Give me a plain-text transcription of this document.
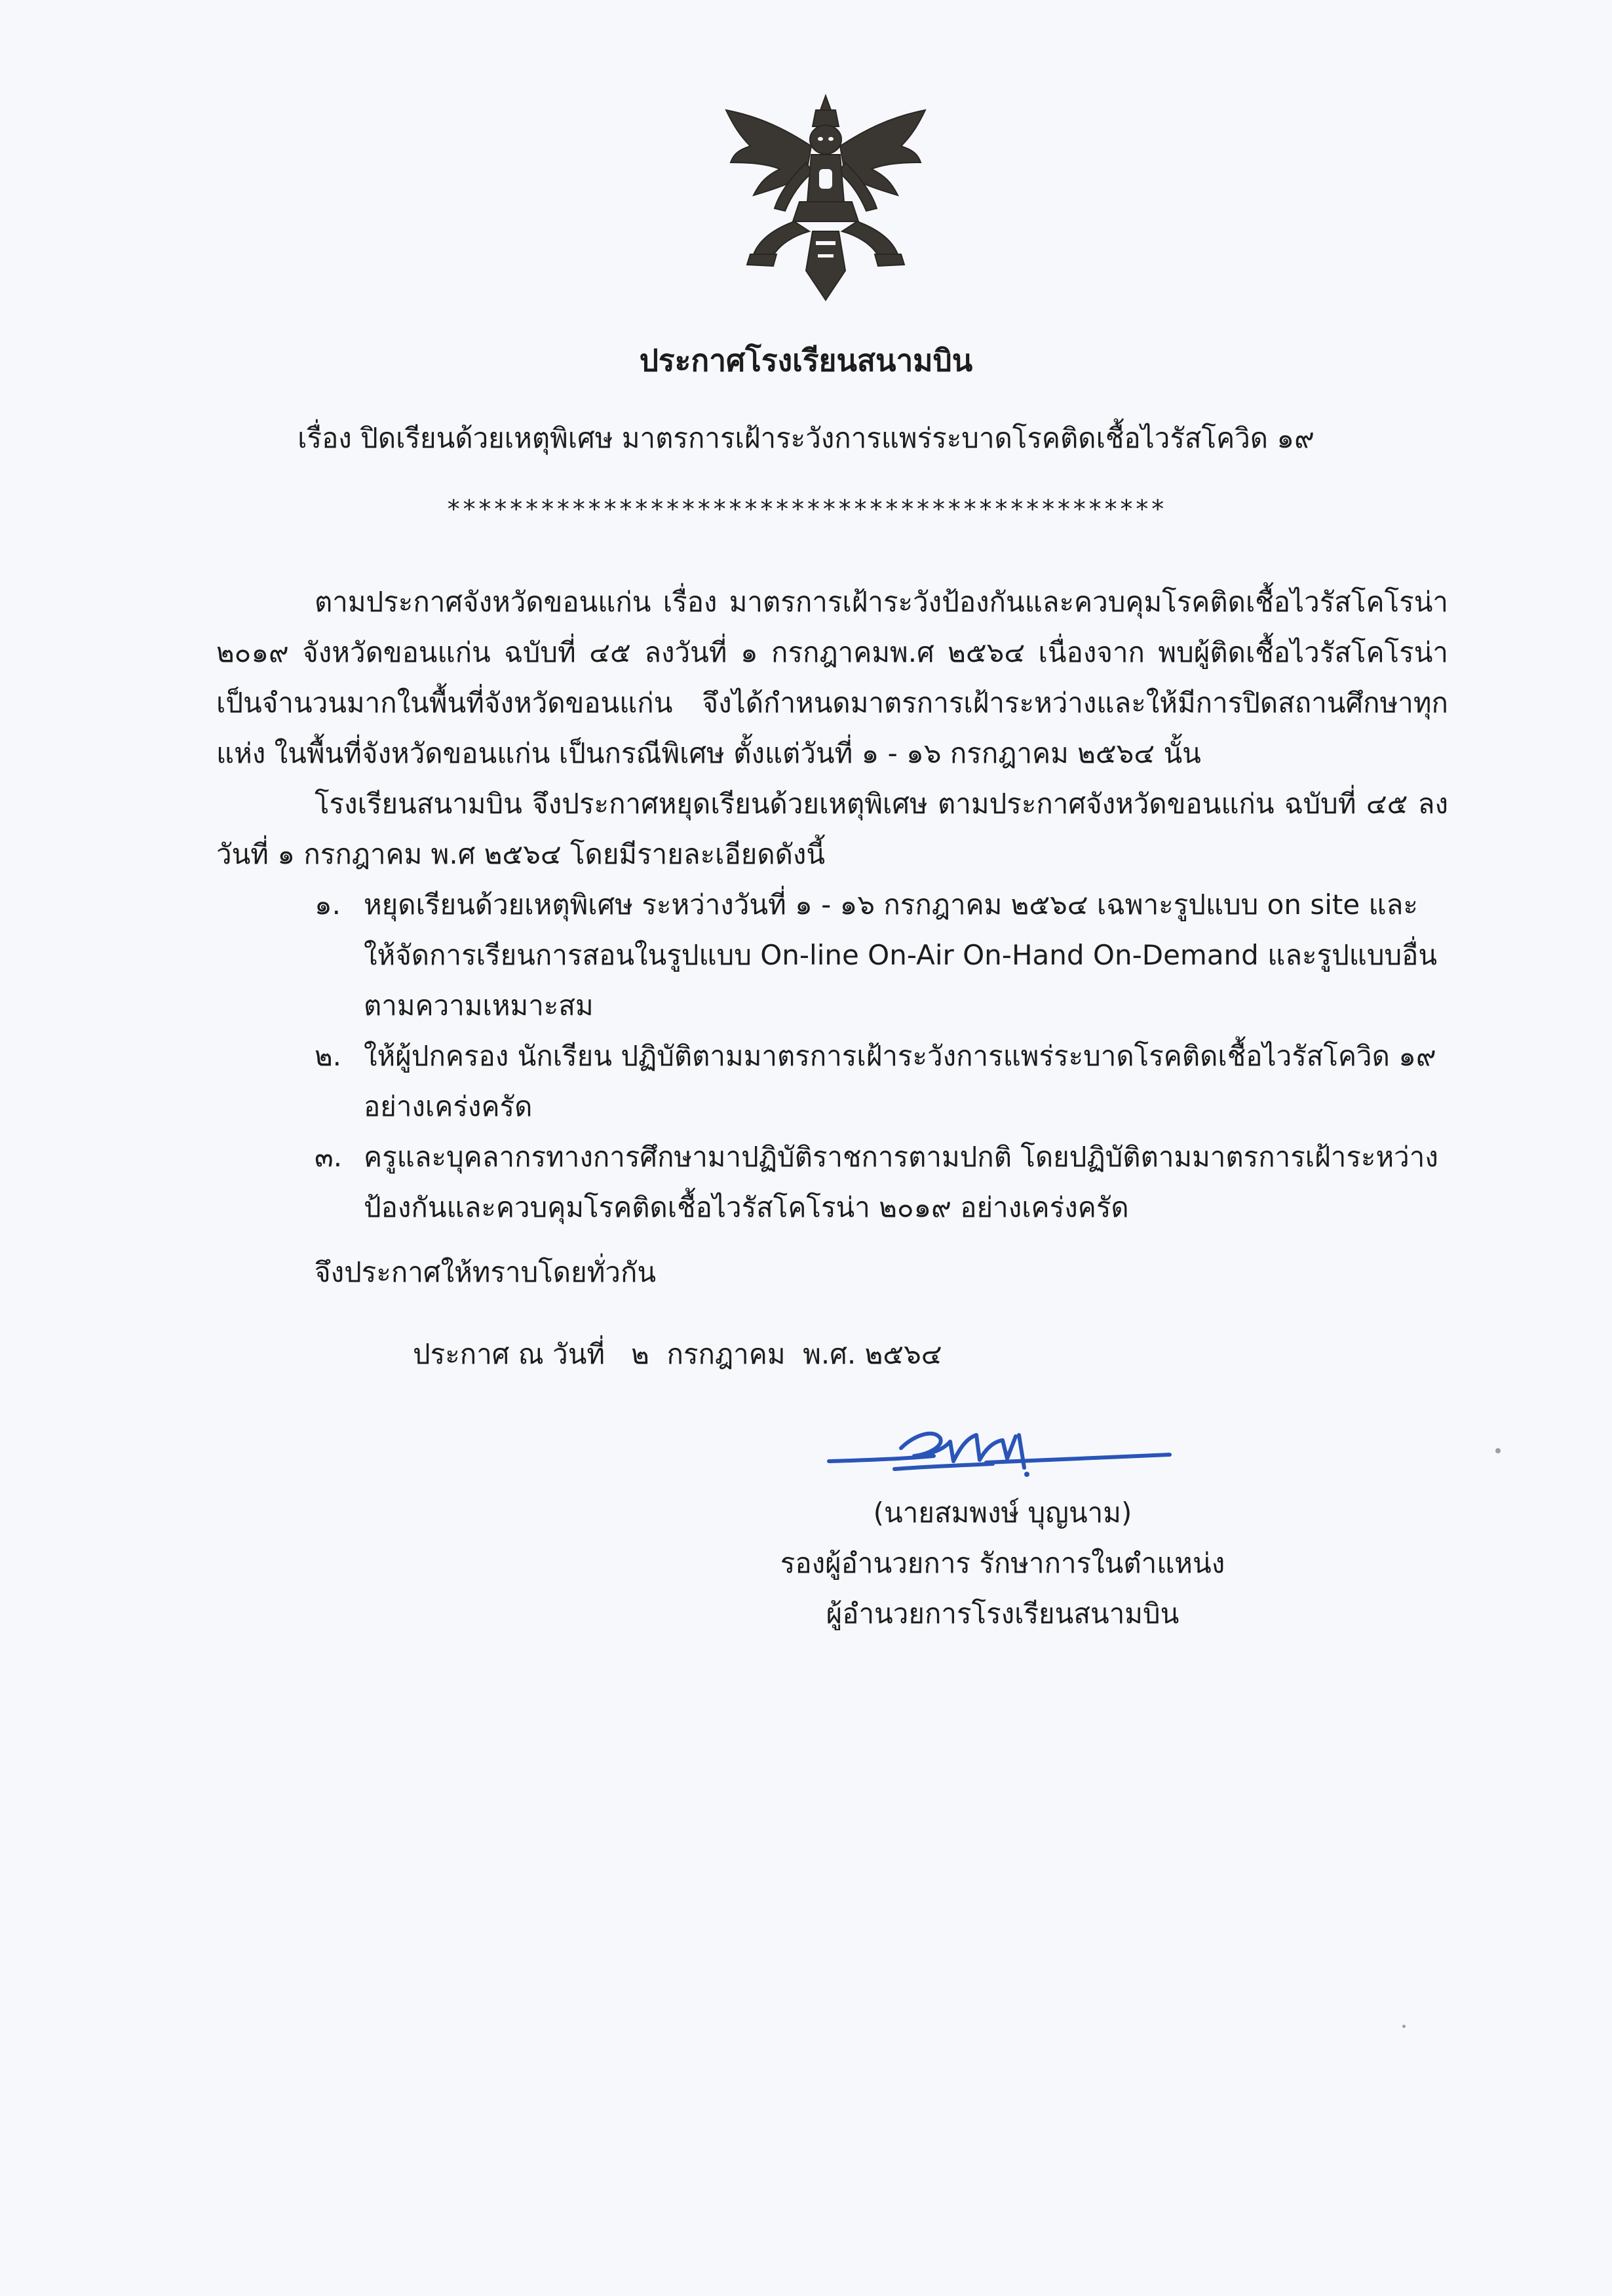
ประกาศโรงเรียนสนามบิน
เรื่อง ปิดเรียนด้วยเหตุพิเศษ มาตรการเฝ้าระวังการแพร่ระบาดโรคติดเชื้อไวรัสโควิด ๑๙
**********************************************

ตามประกาศจังหวัดขอนแก่น เรื่อง มาตรการเฝ้าระวังป้องกันและควบคุมโรคติดเชื้อไวรัสโคโรน่า ๒๐๑๙ จังหวัดขอนแก่น ฉบับที่ ๔๕ ลงวันที่ ๑ กรกฎาคมพ.ศ ๒๕๖๔ เนื่องจาก พบผู้ติดเชื้อไวรัสโคโรน่า เป็นจำนวนมากในพื้นที่จังหวัดขอนแก่น จึงได้กำหนดมาตรการเฝ้าระหว่างและให้มีการปิดสถานศึกษาทุกแห่ง ในพื้นที่จังหวัดขอนแก่น เป็นกรณีพิเศษ ตั้งแต่วันที่ ๑ - ๑๖ กรกฎาคม ๒๕๖๔ นั้น

โรงเรียนสนามบิน จึงประกาศหยุดเรียนด้วยเหตุพิเศษ ตามประกาศจังหวัดขอนแก่น ฉบับที่ ๔๕ ลงวันที่ ๑ กรกฎาคม พ.ศ ๒๕๖๔ โดยมีรายละเอียดดังนี้

๑. หยุดเรียนด้วยเหตุพิเศษ ระหว่างวันที่ ๑ - ๑๖ กรกฎาคม ๒๕๖๔ เฉพาะรูปแบบ on site และ ให้จัดการเรียนการสอนในรูปแบบ On-line On-Air On-Hand On-Demand และรูปแบบอื่น ตามความเหมาะสม
๒. ให้ผู้ปกครอง นักเรียน ปฏิบัติตามมาตรการเฝ้าระวังการแพร่ระบาดโรคติดเชื้อไวรัสโควิด ๑๙ อย่างเคร่งครัด
๓. ครูและบุคลากรทางการศึกษามาปฏิบัติราชการตามปกติ โดยปฏิบัติตามมาตรการเฝ้าระหว่าง ป้องกันและควบคุมโรคติดเชื้อไวรัสโคโรน่า ๒๐๑๙ อย่างเคร่งครัด

จึงประกาศให้ทราบโดยทั่วกัน

ประกาศ ณ วันที่   ๒  กรกฎาคม  พ.ศ. ๒๕๖๔

(นายสมพงษ์ บุญนาม)
รองผู้อำนวยการ รักษาการในตำแหน่ง
ผู้อำนวยการโรงเรียนสนามบิน
